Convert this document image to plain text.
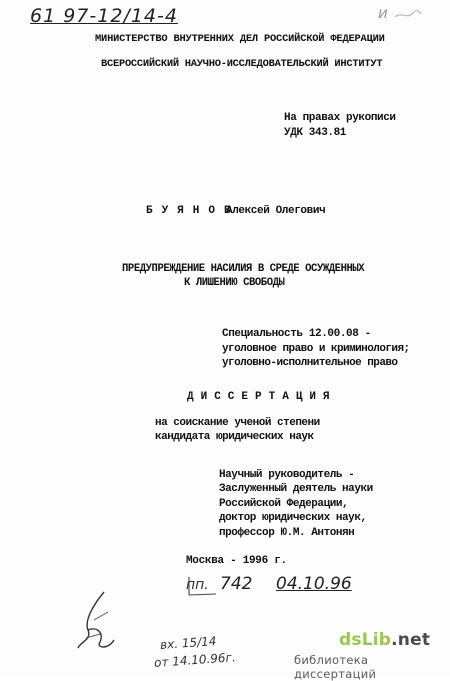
61 97-12/14-4	и
МИНИСТЕРСТВО ВНУТРЕННИХ ДЕЛ РОССИЙСКОЙ ФЕДЕРАЦИИ
ВСЕРОССИЙСКИЙ НАУЧНО-ИССЛЕДОВАТЕЛЬСКИЙ ИНСТИТУТ
На правах рукописи
УДК 343.81
Б У Я Н О В
Алексей Олегович
ПРЕДУПРЕЖДЕНИЕ НАСИЛИЯ В СРЕДЕ ОСУЖДЕННЫХ
К ЛИШЕНИЮ СВОБОДЫ
Специальность 12.00.08 -
уголовное право и криминология;
уголовно-исполнительное право
Д И С С Е Р Т А Ц И Я
на соискание ученой степени
кандидата юридических наук
Научный руководитель -
Заслуженный деятель науки
Российской Федерации,
доктор юридических наук,
профессор Ю.М. Антонян
Москва - 1996 г.
пп. 742 04.10.96
вх. 15/14
от 14.10.96г.
dsLib.net
библиотека диссертаций
